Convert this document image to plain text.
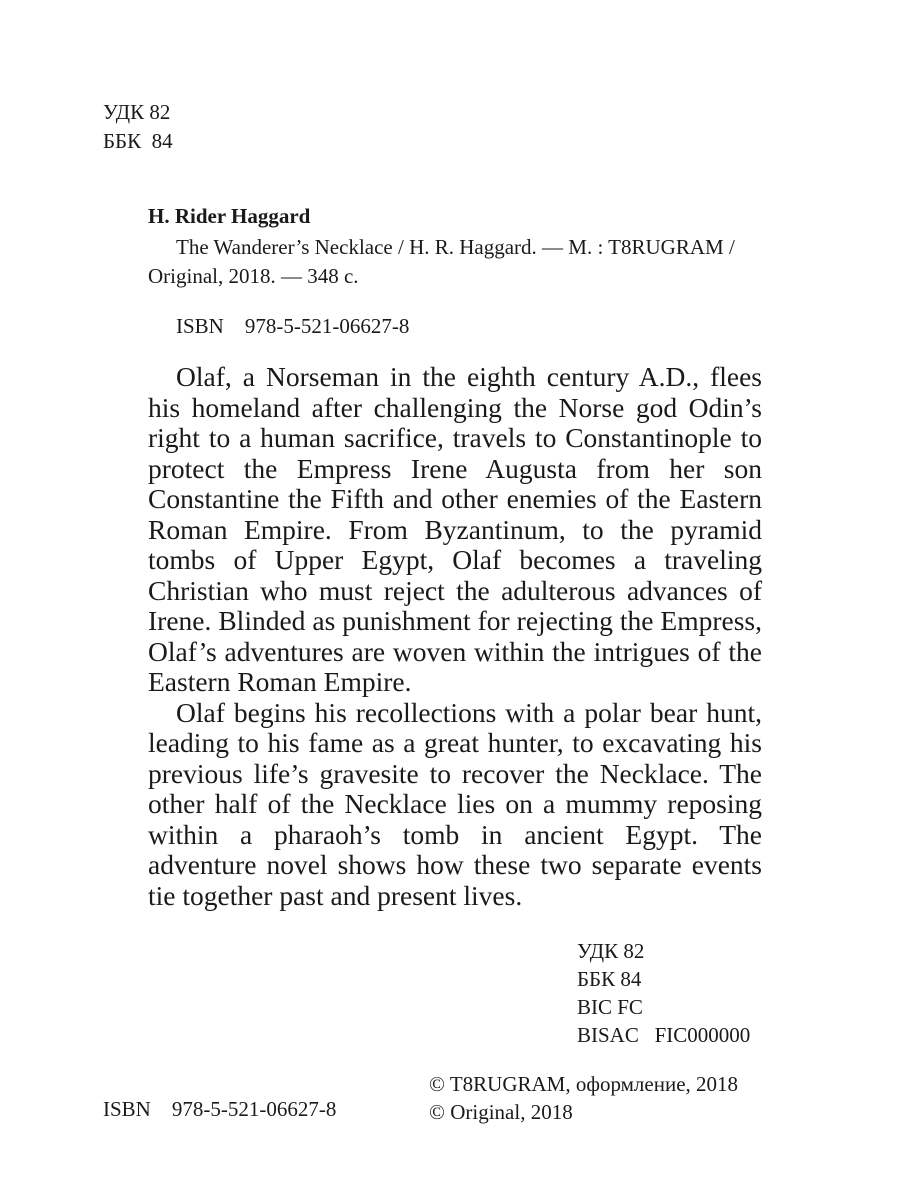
УДК 82
ББК  84
H. Rider Haggard
The Wanderer’s Necklace / H. R. Haggard. — M. : T8RUGRAM /
Original, 2018. — 348 с.
ISBN    978-5-521-06627-8

Olaf, a Norseman in the eighth century A.D., flees his homeland after challenging the Norse god Odin’s right to a human sacrifice, travels to Constantinople to protect the Empress Irene Augusta from her son Constantine the Fifth and other enemies of the Eastern Roman Empire. From Byzantinum, to the pyramid tombs of Upper Egypt, Olaf becomes a traveling Christian who must reject the adulterous advances of Irene. Blinded as punishment for rejecting the Empress, Olaf’s adventures are woven within the intrigues of the Eastern Roman Empire.

Olaf begins his recollections with a polar bear hunt, leading to his fame as a great hunter, to excavating his previous life’s gravesite to recover the Necklace. The other half of the Necklace lies on a mummy reposing within a pharaoh’s tomb in ancient Egypt. The adventure novel shows how these two separate events tie together past and present lives.

УДК 82
ББК 84
BIC FC
BISAC   FIC000000
ISBN    978-5-521-06627-8
© T8RUGRAM, оформление, 2018
© Original, 2018
